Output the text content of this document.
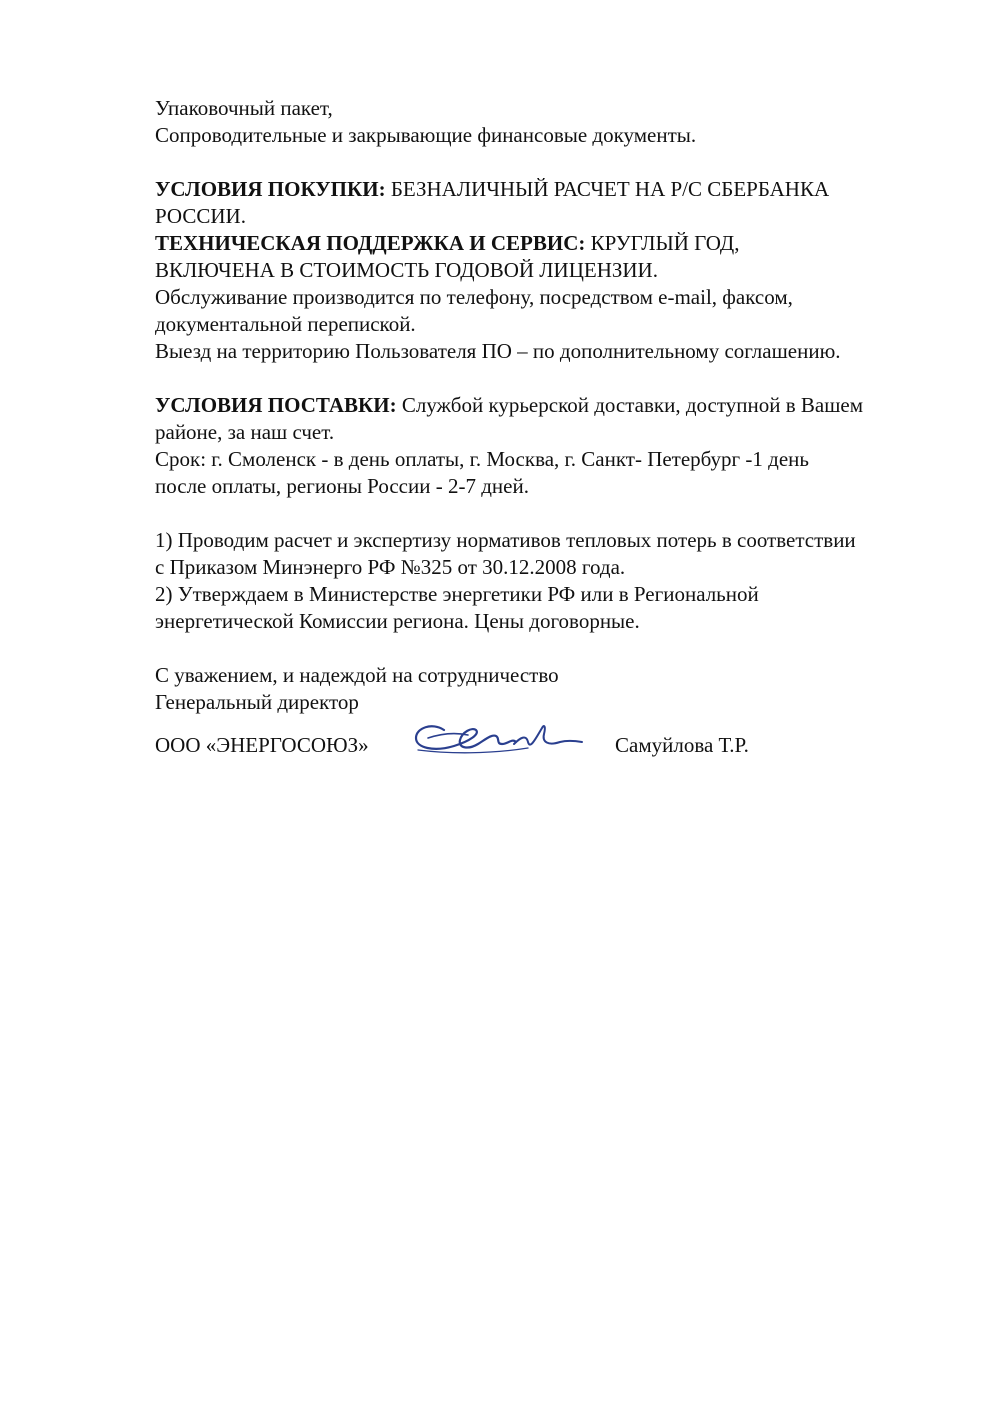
Упаковочный пакет,
Сопроводительные и закрывающие финансовые документы.
УСЛОВИЯ ПОКУПКИ: БЕЗНАЛИЧНЫЙ РАСЧЕТ НА Р/С СБЕРБАНКА
РОССИИ.
ТЕХНИЧЕСКАЯ ПОДДЕРЖКА И СЕРВИС: КРУГЛЫЙ ГОД,
ВКЛЮЧЕНА В СТОИМОСТЬ ГОДОВОЙ ЛИЦЕНЗИИ.
Обслуживание производится по телефону, посредством e-mail, факсом,
документальной перепиской.
Выезд на территорию Пользователя ПО – по дополнительному соглашению.
УСЛОВИЯ ПОСТАВКИ: Службой курьерской доставки, доступной в Вашем
районе, за наш счет.
Срок: г. Смоленск - в день оплаты, г. Москва, г. Санкт- Петербург -1 день
после оплаты, регионы России - 2-7 дней.
1) Проводим расчет и экспертизу нормативов тепловых потерь в соответствии
с Приказом Минэнерго РФ №325 от 30.12.2008 года.
2) Утверждаем в Министерстве энергетики РФ или в Региональной
энергетической Комиссии региона. Цены договорные.
С уважением, и надеждой на сотрудничество
Генеральный директор
ООО «ЭНЕРГОСОЮЗ»	Самуйлова Т.Р.
